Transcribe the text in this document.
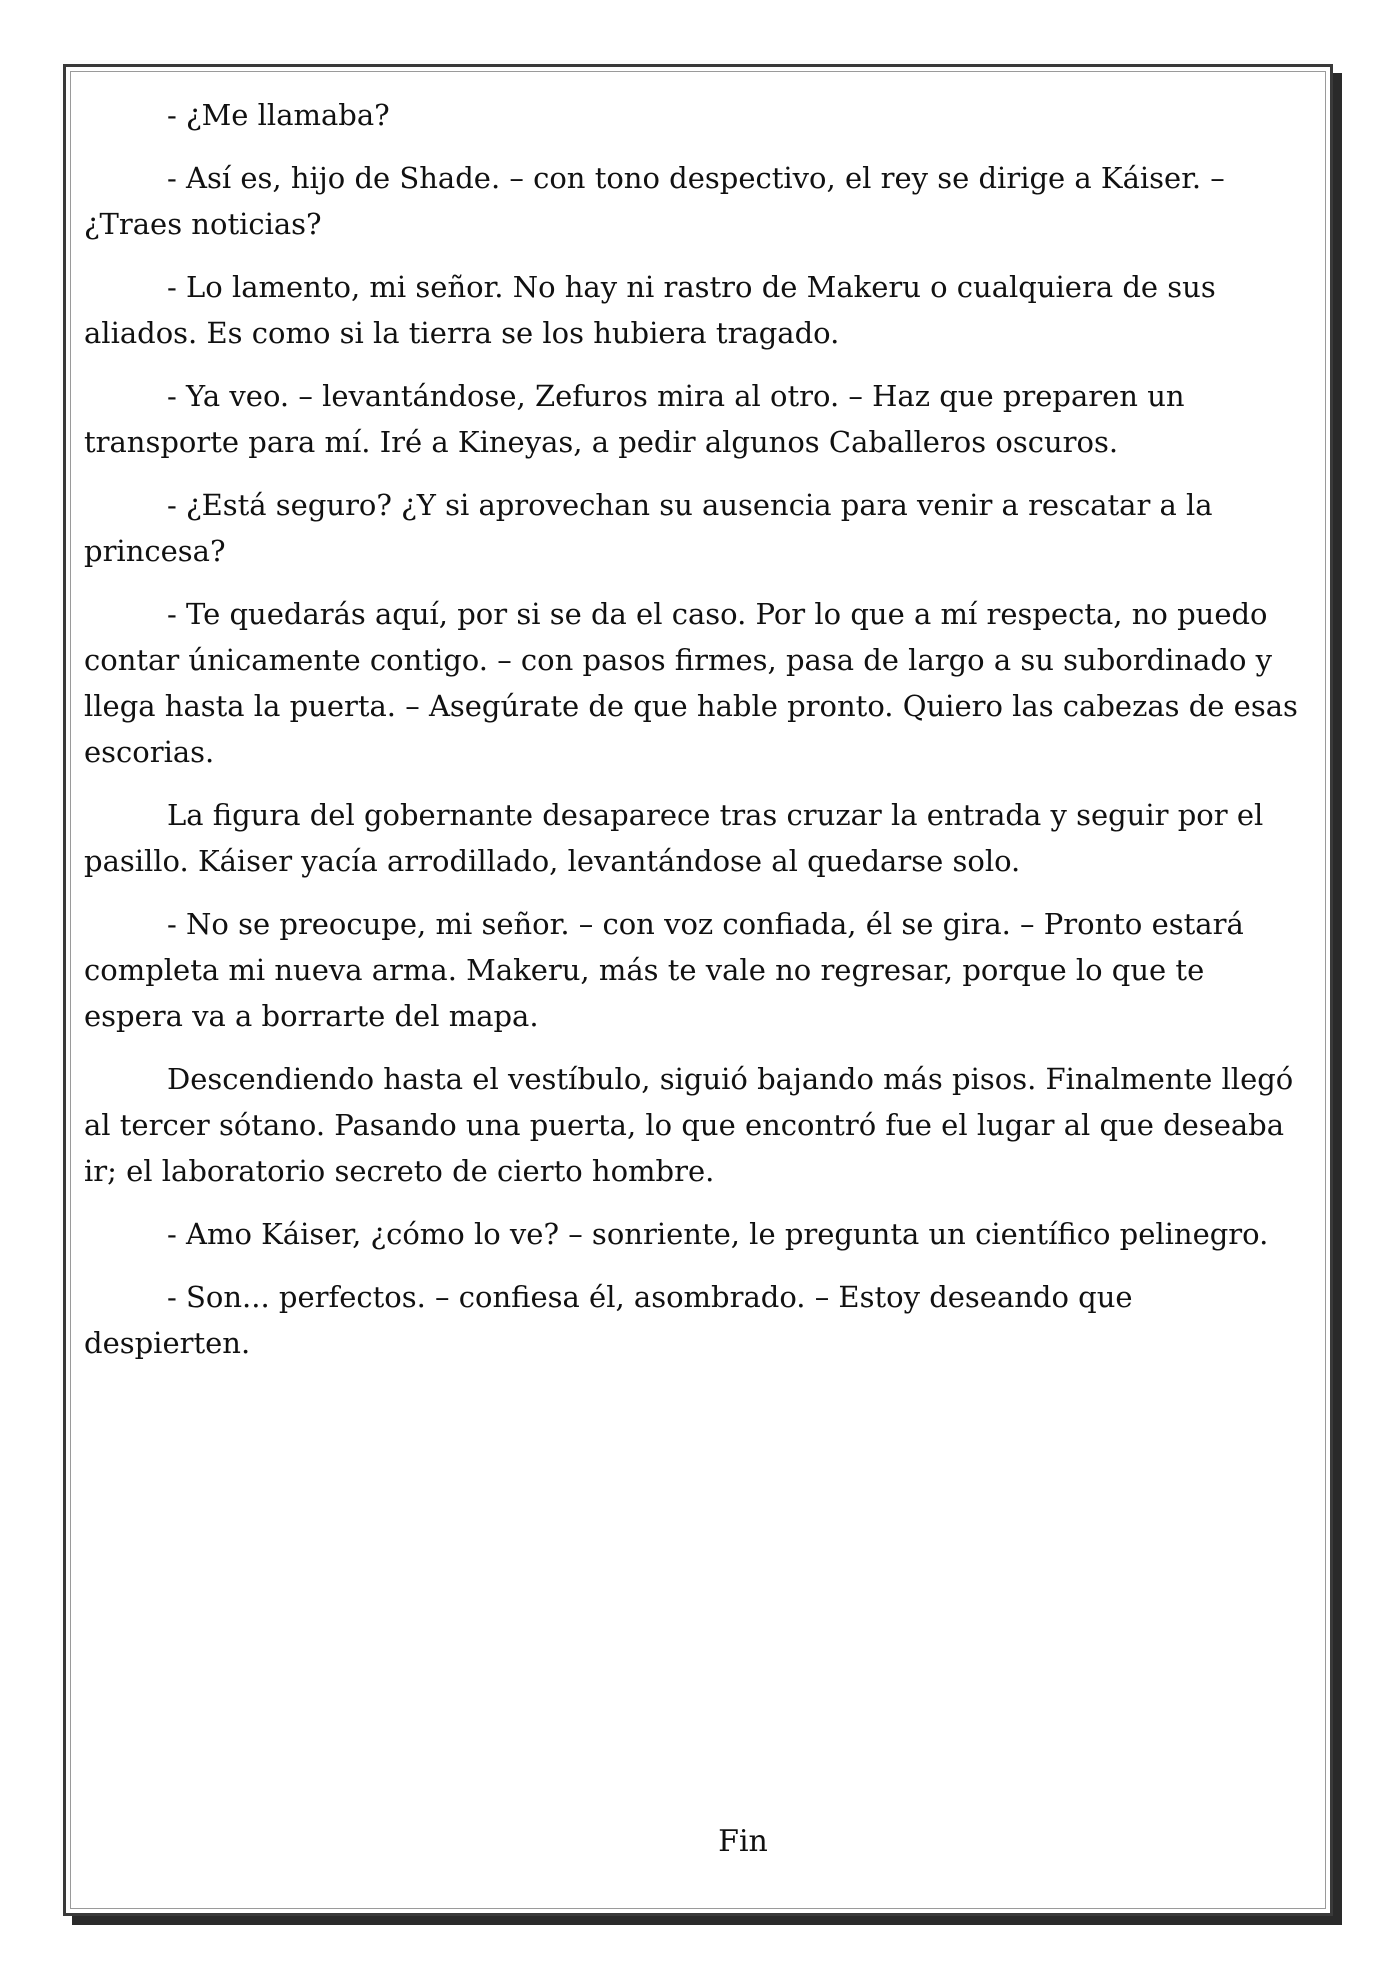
- ¿Me llamaba?

- Así es, hijo de Shade. – con tono despectivo, el rey se dirige a Káiser. – ¿Traes noticias?

- Lo lamento, mi señor. No hay ni rastro de Makeru o cualquiera de sus aliados. Es como si la tierra se los hubiera tragado.

- Ya veo. – levantándose, Zefuros mira al otro. – Haz que preparen un transporte para mí. Iré a Kineyas, a pedir algunos Caballeros oscuros.

- ¿Está seguro? ¿Y si aprovechan su ausencia para venir a rescatar a la princesa?

- Te quedarás aquí, por si se da el caso. Por lo que a mí respecta, no puedo contar únicamente contigo. – con pasos firmes, pasa de largo a su subordinado y llega hasta la puerta. – Asegúrate de que hable pronto. Quiero las cabezas de esas escorias.

La figura del gobernante desaparece tras cruzar la entrada y seguir por el pasillo. Káiser yacía arrodillado, levantándose al quedarse solo.

- No se preocupe, mi señor. – con voz confiada, él se gira. – Pronto estará completa mi nueva arma. Makeru, más te vale no regresar, porque lo que te espera va a borrarte del mapa.

Descendiendo hasta el vestíbulo, siguió bajando más pisos. Finalmente llegó al tercer sótano. Pasando una puerta, lo que encontró fue el lugar al que deseaba ir; el laboratorio secreto de cierto hombre.

- Amo Káiser, ¿cómo lo ve? – sonriente, le pregunta un científico pelinegro.

- Son... perfectos. – confiesa él, asombrado. – Estoy deseando que despierten.

Fin
